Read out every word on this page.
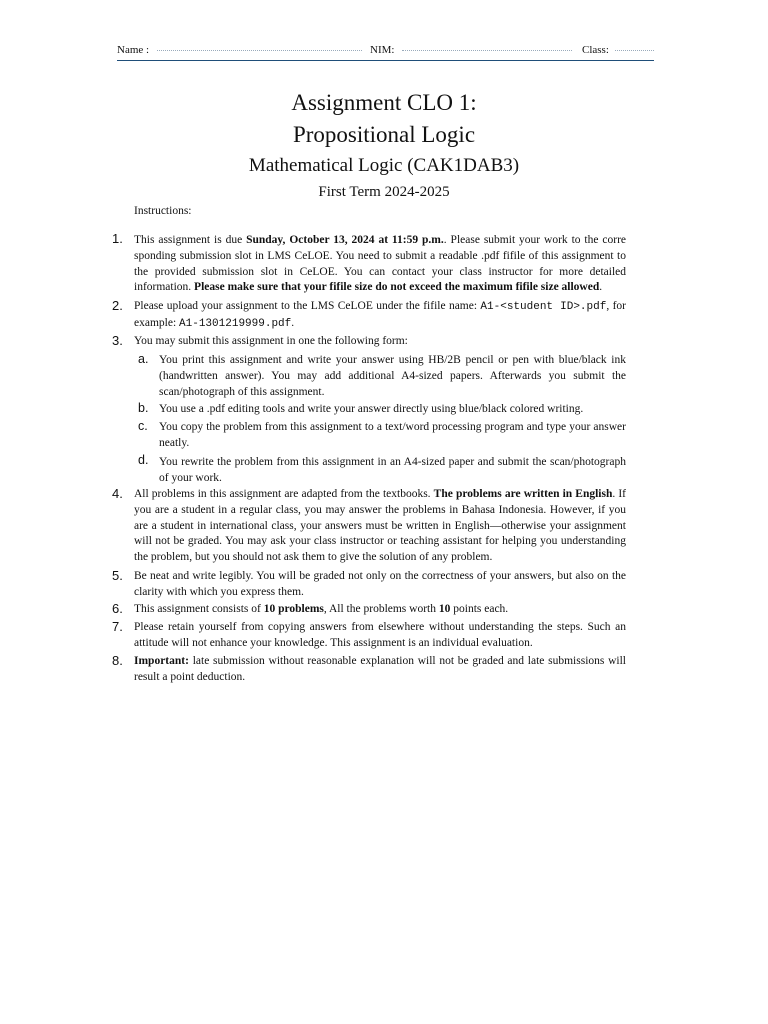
Name :	NIM:	Class:
Assignment CLO 1:
Propositional Logic
Mathematical Logic (CAK1DAB3)
First Term 2024-2025
Instructions:
1. This assignment is due Sunday, October 13, 2024 at 11:59 p.m.. Please submit your work to the corre sponding submission slot in LMS CeLOE. You need to submit a readable .pdf fifile of this assignment to the provided submission slot in CeLOE. You can contact your class instructor for more detailed information. Please make sure that your fifile size do not exceed the maximum fifile size allowed.
2. Please upload your assignment to the LMS CeLOE under the fifile name: A1-<student ID>.pdf, for example: A1-1301219999.pdf.
3. You may submit this assignment in one the following form:
a. You print this assignment and write your answer using HB/2B pencil or pen with blue/black ink (handwritten answer). You may add additional A4-sized papers. Afterwards you submit the scan/photograph of this assignment.
b. You use a .pdf editing tools and write your answer directly using blue/black colored writing.
c. You copy the problem from this assignment to a text/word processing program and type your answer neatly.
d. You rewrite the problem from this assignment in an A4-sized paper and submit the scan/photograph of your work.
4. All problems in this assignment are adapted from the textbooks. The problems are written in English. If you are a student in a regular class, you may answer the problems in Bahasa Indonesia. However, if you are a student in international class, your answers must be written in English—otherwise your assignment will not be graded. You may ask your class instructor or teaching assistant for helping you understanding the problem, but you should not ask them to give the solution of any problem.
5. Be neat and write legibly. You will be graded not only on the correctness of your answers, but also on the clarity with which you express them.
6. This assignment consists of 10 problems, All the problems worth 10 points each.
7. Please retain yourself from copying answers from elsewhere without understanding the steps. Such an attitude will not enhance your knowledge. This assignment is an individual evaluation.
8. Important: late submission without reasonable explanation will not be graded and late submissions will result a point deduction.
